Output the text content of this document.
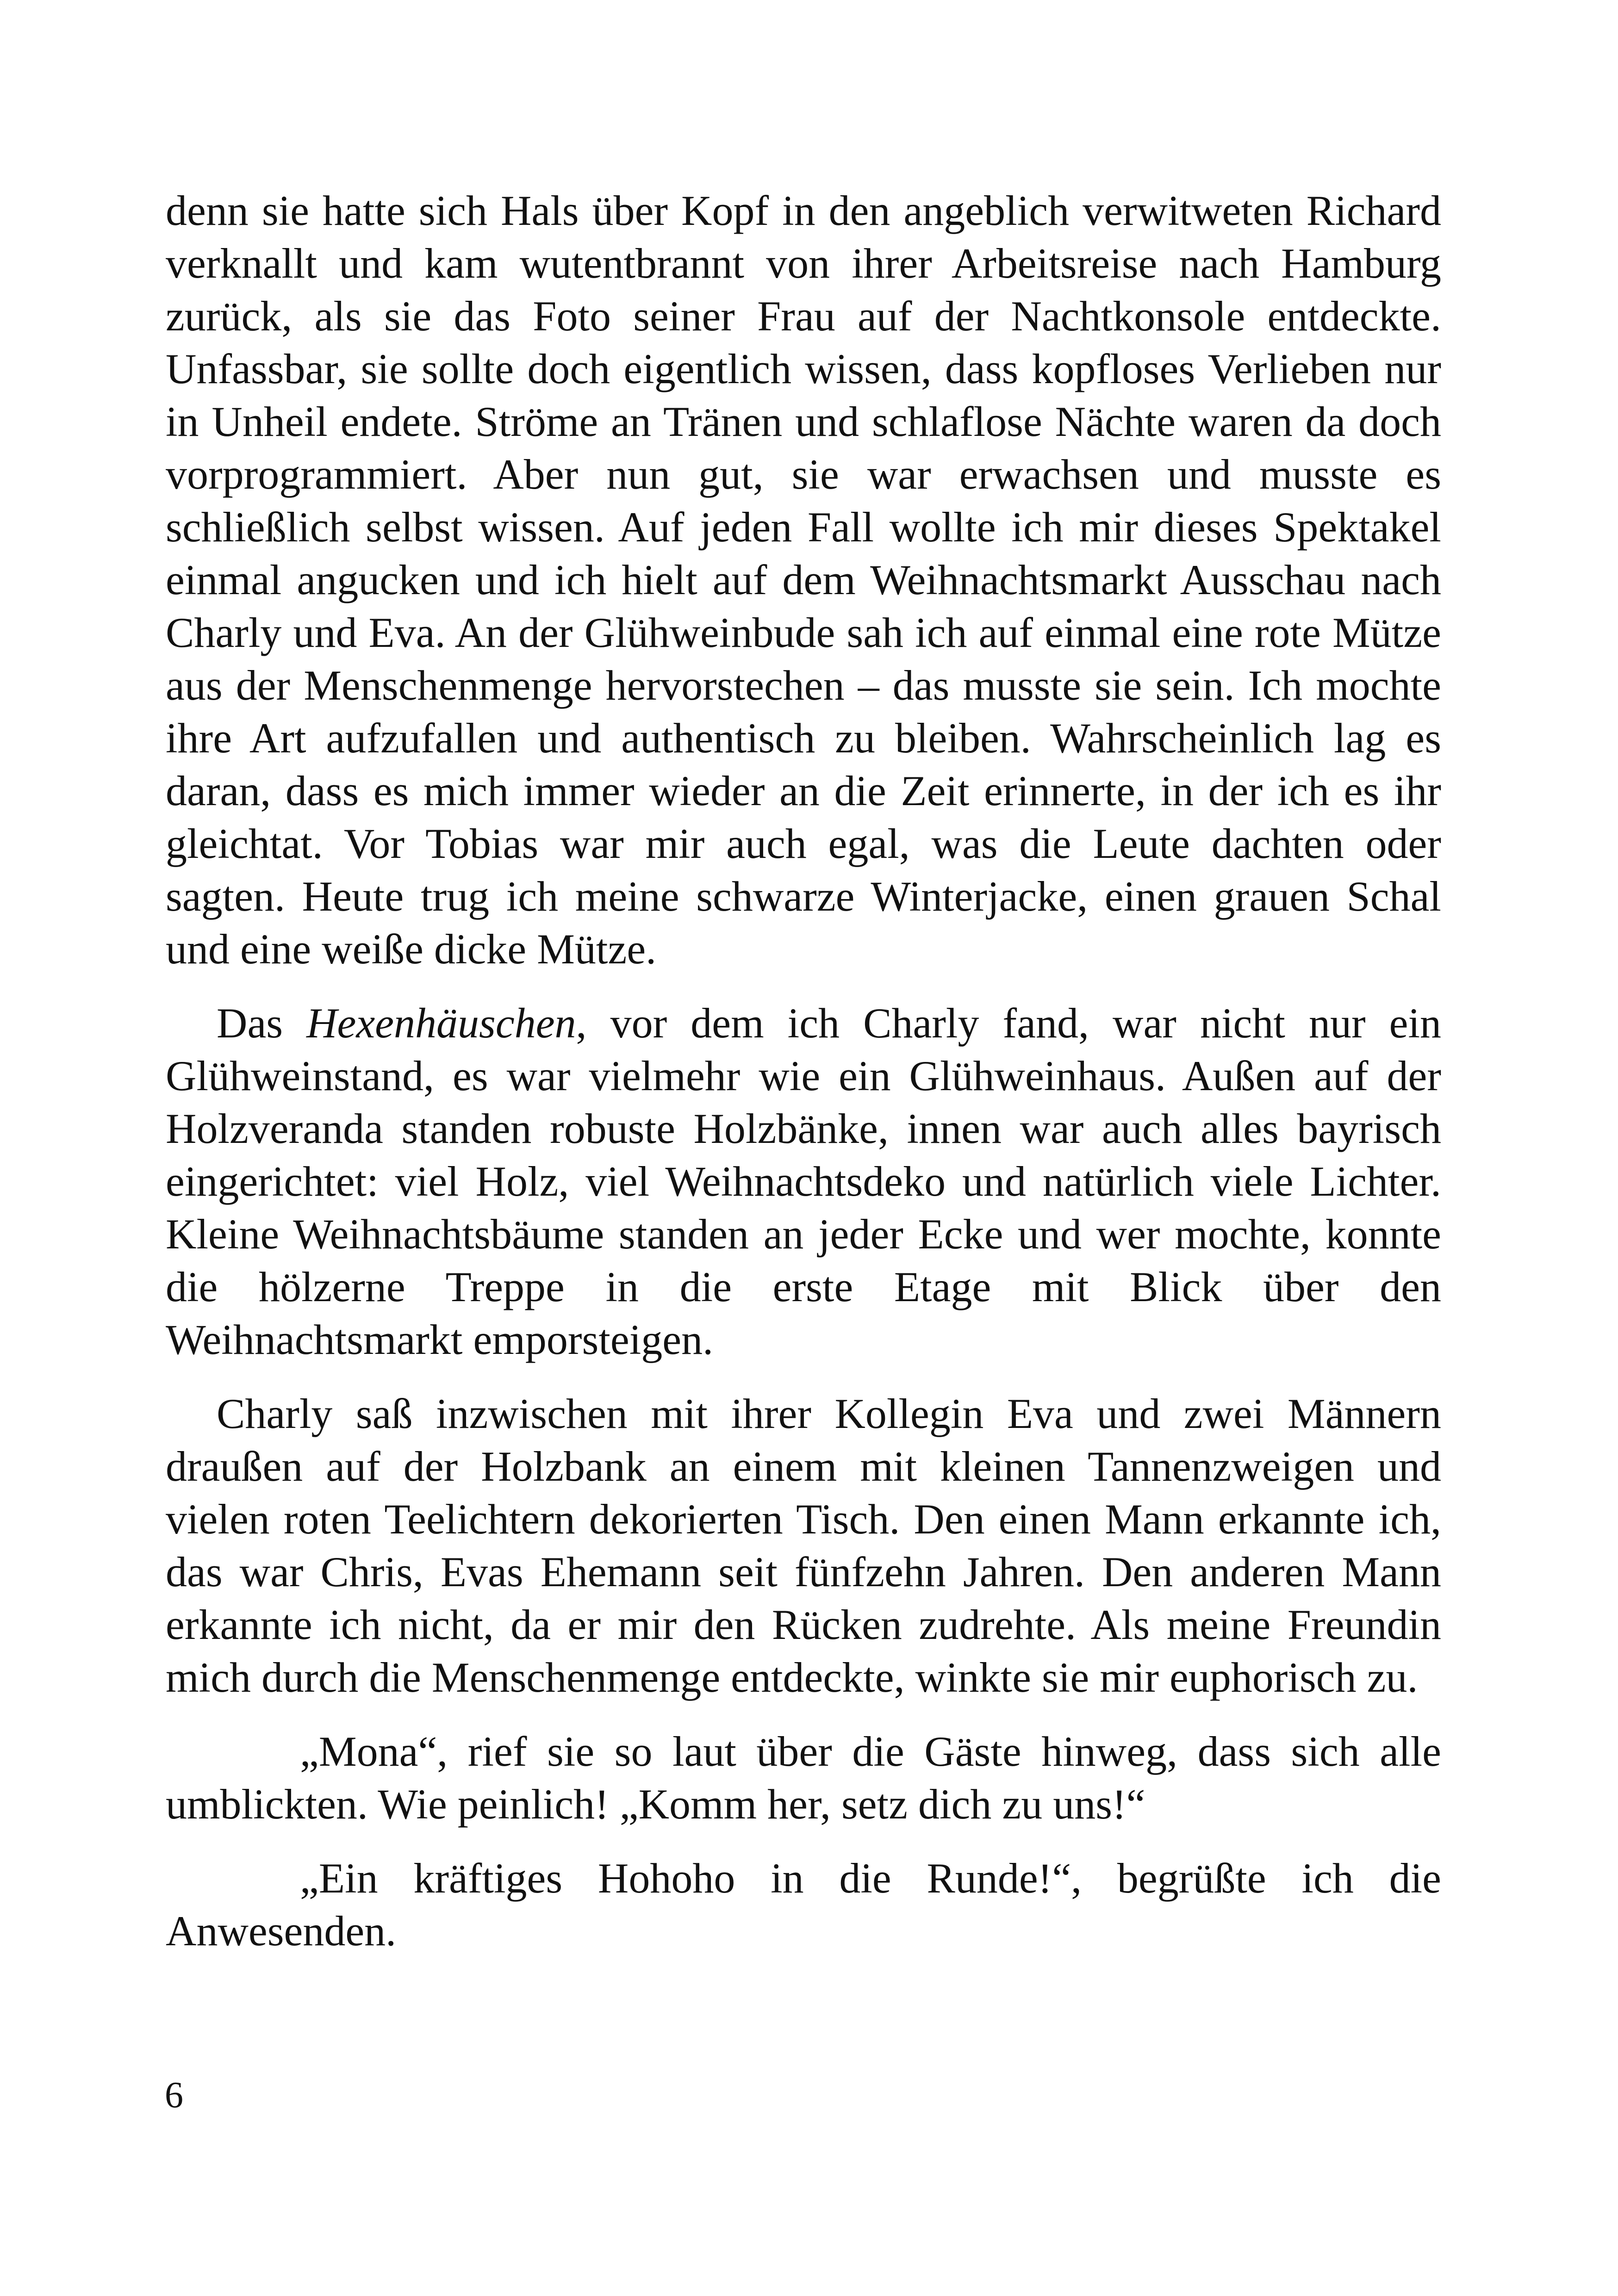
denn sie hatte sich Hals über Kopf in den angeblich verwitweten Richard verknallt und kam wutentbrannt von ihrer Arbeitsreise nach Hamburg zurück, als sie das Foto seiner Frau auf der Nachtkonsole entdeckte. Unfassbar, sie sollte doch eigentlich wissen, dass kopfloses Verlieben nur in Unheil endete. Ströme an Tränen und schlaflose Nächte waren da doch vorprogrammiert. Aber nun gut, sie war erwachsen und musste es schließlich selbst wissen. Auf jeden Fall wollte ich mir dieses Spektakel einmal angucken und ich hielt auf dem Weihnachtsmarkt Ausschau nach Charly und Eva. An der Glühweinbude sah ich auf einmal eine rote Mütze aus der Menschenmenge hervorstechen – das musste sie sein. Ich mochte ihre Art aufzufallen und authentisch zu bleiben. Wahrscheinlich lag es daran, dass es mich immer wieder an die Zeit erinnerte, in der ich es ihr gleichtat. Vor Tobias war mir auch egal, was die Leute dachten oder sagten. Heute trug ich meine schwarze Winterjacke, einen grauen Schal und eine weiße dicke Mütze.

Das Hexenhäuschen, vor dem ich Charly fand, war nicht nur ein Glühweinstand, es war vielmehr wie ein Glühweinhaus. Außen auf der Holzveranda standen robuste Holzbänke, innen war auch alles bayrisch eingerichtet: viel Holz, viel Weihnachtsdeko und natürlich viele Lichter. Kleine Weihnachtsbäume standen an jeder Ecke und wer mochte, konnte die hölzerne Treppe in die erste Etage mit Blick über den Weihnachtsmarkt emporsteigen.

Charly saß inzwischen mit ihrer Kollegin Eva und zwei Männern draußen auf der Holzbank an einem mit kleinen Tannenzweigen und vielen roten Teelichtern dekorierten Tisch. Den einen Mann erkannte ich, das war Chris, Evas Ehemann seit fünfzehn Jahren. Den anderen Mann erkannte ich nicht, da er mir den Rücken zudrehte. Als meine Freundin mich durch die Menschenmenge entdeckte, winkte sie mir euphorisch zu.

„Mona“, rief sie so laut über die Gäste hinweg, dass sich alle umblickten. Wie peinlich! „Komm her, setz dich zu uns!“

„Ein kräftiges Hohoho in die Runde!“, begrüßte ich die Anwesenden.

6
